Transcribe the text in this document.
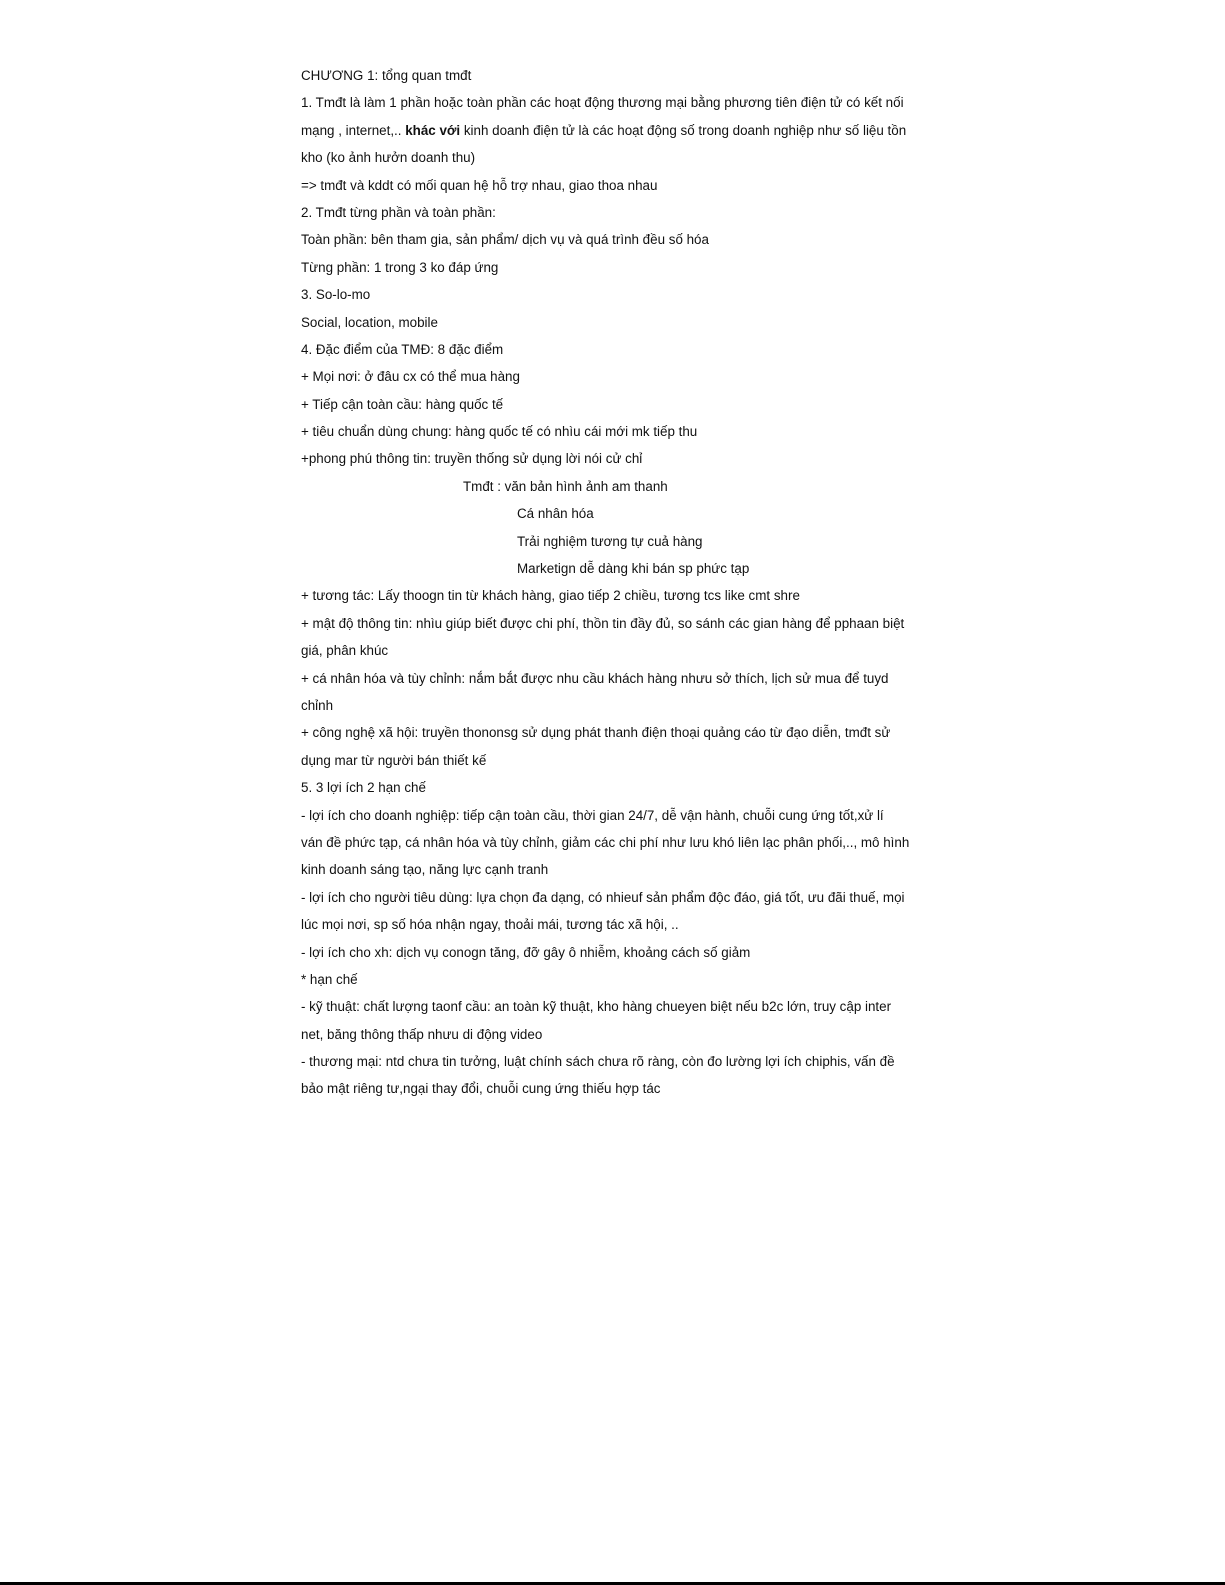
CHƯƠNG 1: tổng quan tmđt

1. Tmđt là làm 1 phần hoặc toàn phần các hoạt động thương mại bằng phương tiên điện tử có kết nối

mạng , internet,.. khác với kinh doanh điện tử là các hoạt động số trong doanh nghiệp như số liệu tồn

kho (ko ảnh hưởn doanh thu)

=> tmđt và kddt có mối quan hệ hỗ trợ nhau, giao thoa nhau

2. Tmđt từng phần và toàn phần:

Toàn phần: bên tham gia, sản phẩm/ dịch vụ và quá trình đều số hóa

Từng phần: 1 trong 3 ko đáp ứng

3. So-lo-mo

Social, location, mobile

4. Đặc điểm của TMĐ: 8 đặc điểm

+ Mọi nơi: ở đâu cx có thể mua hàng

+ Tiếp cận toàn cầu: hàng quốc tế

+ tiêu chuẩn dùng chung: hàng quốc tế có nhìu cái mới mk tiếp thu

+phong phú thông tin: truyền thống sử dụng lời nói cử chỉ

Tmđt : văn bản hình ảnh am thanh

Cá nhân hóa

Trải nghiệm tương tự cuả hàng

Marketign dễ dàng khi bán sp phức tạp

+ tương tác: Lấy thoogn tin từ khách hàng, giao tiếp 2 chiều, tương tcs like cmt shre

+ mật độ thông tin: nhìu giúp biết được chi phí, thồn tin đầy đủ, so sánh các gian hàng để pphaan biệt

giá, phân khúc

+ cá nhân hóa và tùy chỉnh: nắm bắt được nhu cầu khách hàng nhưu sở thích, lịch sử mua để tuyd

chỉnh

+ công nghệ xã hội: truyền thononsg sử dụng phát thanh điện thoại quảng cáo từ đạo diễn, tmđt sử

dụng mar từ người bán thiết kế

5. 3 lợi ích 2 hạn chế

- lợi ích cho doanh nghiệp: tiếp cận toàn cầu, thời gian 24/7, dễ vận hành, chuỗi cung ứng tốt,xử lí

ván đề phức tạp, cá nhân hóa và tùy chỉnh, giảm các chi phí như lưu khó liên lạc phân phối,.., mô hình

kinh doanh sáng tạo, năng lực cạnh tranh

- lợi ích cho người tiêu dùng: lựa chọn đa dạng, có nhieuf sản phẩm độc đáo, giá tốt, ưu đãi thuế, mọi

lúc mọi nơi, sp số hóa nhận ngay, thoải mái, tương tác xã hội, ..

- lợi ích cho xh: dịch vụ conogn tăng, đỡ gây ô nhiễm, khoảng cách số giảm

* hạn chế

- kỹ thuật: chất lượng taonf cầu: an toàn kỹ thuật, kho hàng chueyen biệt nếu b2c lớn, truy cập inter

net, băng thông thấp nhưu di động video

- thương mại: ntd chưa tin tưởng, luật chính sách chưa rõ ràng, còn đo lường lợi ích chiphis, vấn đề

bảo mật riêng tư,ngại thay đổi, chuỗi cung ứng thiếu hợp tác
